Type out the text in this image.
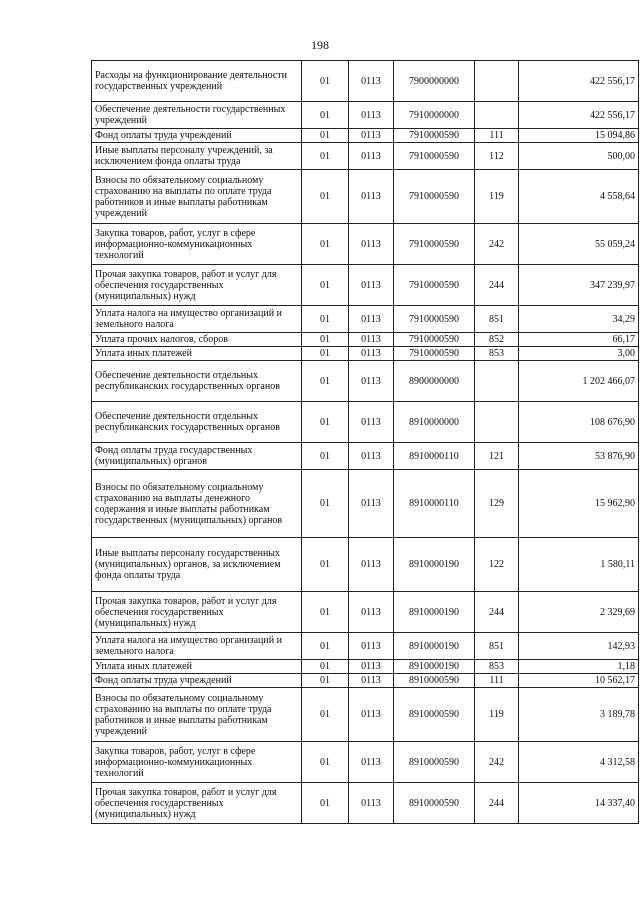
198
Расходы на функционирование деятельности государственных учреждений	01	0113	7900000000		422 556,17
Обеспечение деятельности государственных учреждений	01	0113	7910000000		422 556,17
Фонд оплаты труда учреждений	01	0113	7910000590	111	15 094,86
Иные выплаты персоналу учреждений, за исключением фонда оплаты труда	01	0113	7910000590	112	500,00
Взносы по обязательному социальному страхованию на выплаты по оплате труда работников и иные выплаты работникам учреждений	01	0113	7910000590	119	4 558,64
Закупка товаров, работ, услуг в сфере информационно-коммуникационных технологий	01	0113	7910000590	242	55 059,24
Прочая закупка товаров, работ и услуг для обеспечения государственных (муниципальных) нужд	01	0113	7910000590	244	347 239,97
Уплата налога на имущество организаций и земельного налога	01	0113	7910000590	851	34,29
Уплата прочих налогов, сборов	01	0113	7910000590	852	66,17
Уплата иных платежей	01	0113	7910000590	853	3,00
Обеспечение деятельности отдельных республиканских государственных органов	01	0113	8900000000		1 202 466,07
Обеспечение деятельности отдельных республиканских государственных органов	01	0113	8910000000		108 676,90
Фонд оплаты труда государственных (муниципальных) органов	01	0113	8910000110	121	53 876,90
Взносы по обязательному социальному страхованию на выплаты денежного содержания и иные выплаты работникам государственных (муниципальных) органов	01	0113	8910000110	129	15 962,90
Иные выплаты персоналу государственных (муниципальных) органов, за исключением фонда оплаты труда	01	0113	8910000190	122	1 580,11
Прочая закупка товаров, работ и услуг для обеспечения государственных (муниципальных) нужд	01	0113	8910000190	244	2 329,69
Уплата налога на имущество организаций и земельного налога	01	0113	8910000190	851	142,93
Уплата иных платежей	01	0113	8910000190	853	1,18
Фонд оплаты труда учреждений	01	0113	8910000590	111	10 562,17
Взносы по обязательному социальному страхованию на выплаты по оплате труда работников и иные выплаты работникам учреждений	01	0113	8910000590	119	3 189,78
Закупка товаров, работ, услуг в сфере информационно-коммуникационных технологий	01	0113	8910000590	242	4 312,58
Прочая закупка товаров, работ и услуг для обеспечения государственных (муниципальных) нужд	01	0113	8910000590	244	14 337,40
